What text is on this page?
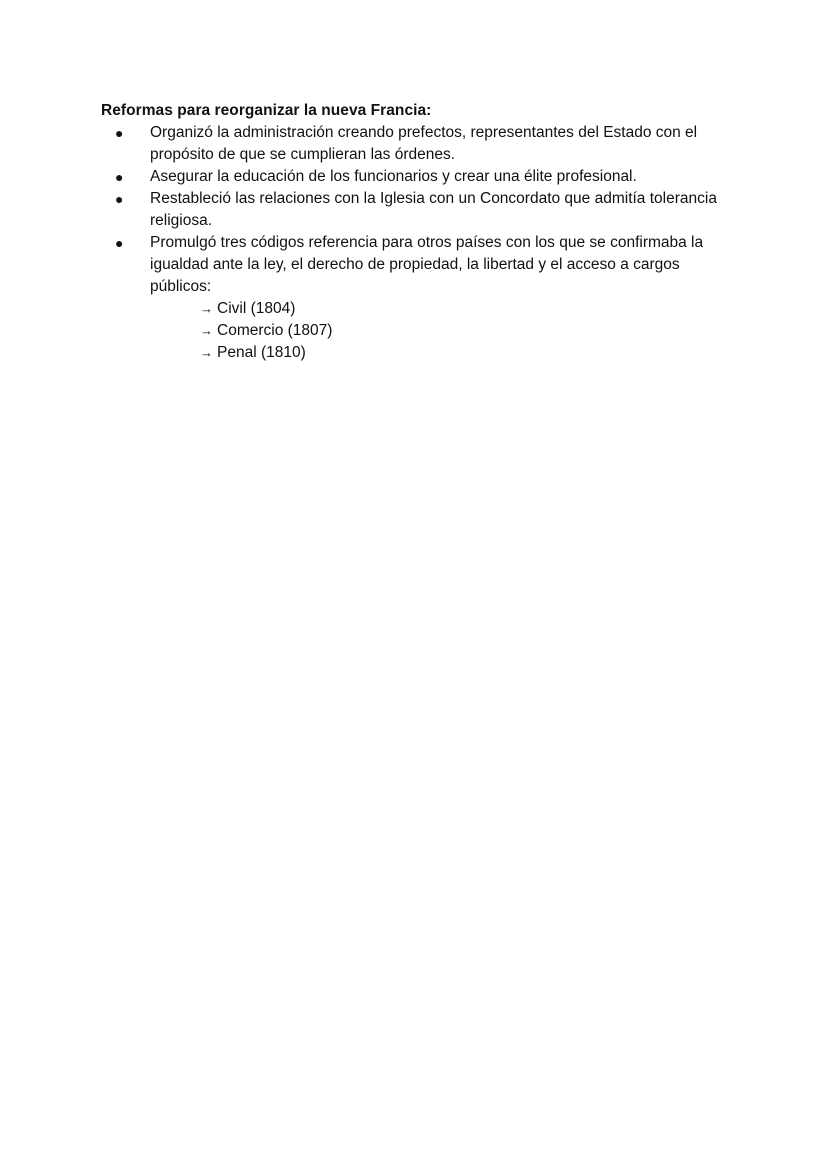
Reformas para reorganizar la nueva Francia:
● Organizó la administración creando prefectos, representantes del Estado con el propósito de que se cumplieran las órdenes.
● Asegurar la educación de los funcionarios y crear una élite profesional.
● Restableció las relaciones con la Iglesia con un Concordato que admitía tolerancia religiosa.
● Promulgó tres códigos referencia para otros países con los que se confirmaba la igualdad ante la ley, el derecho de propiedad, la libertad y el acceso a cargos públicos:
→ Civil (1804)
→ Comercio (1807)
→ Penal (1810)
